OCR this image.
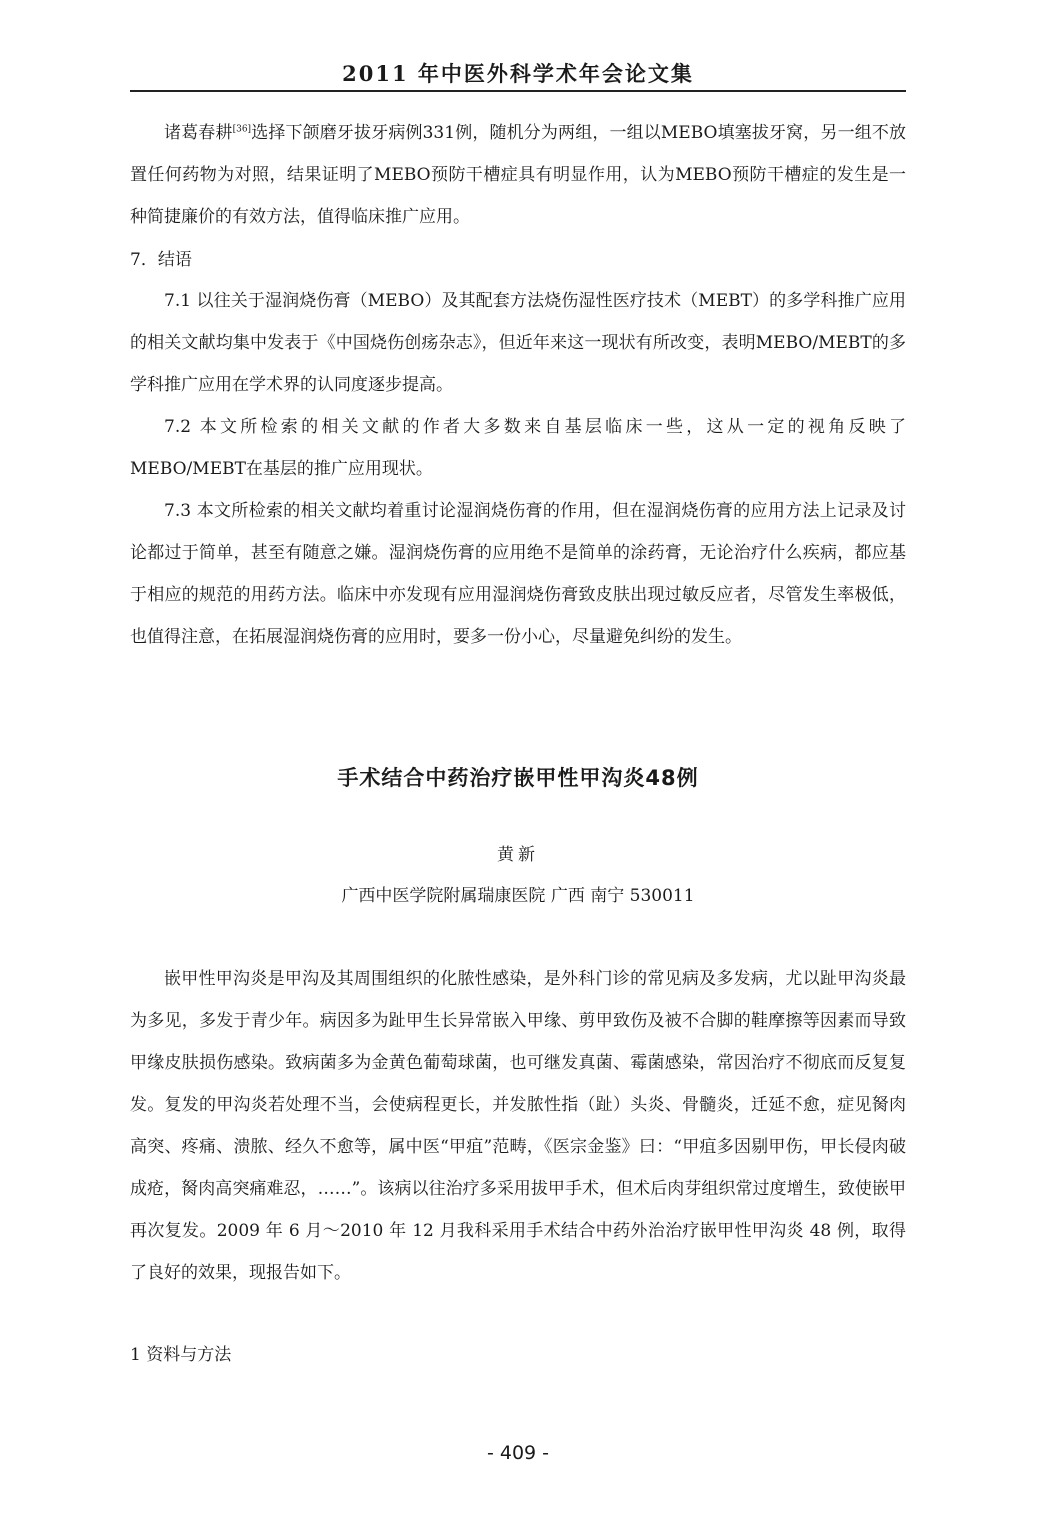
2011 年中医外科学术年会论文集
诸葛春耕[36]选择下颌磨牙拔牙病例331例，随机分为两组，一组以MEBO填塞拔牙窝，另一组不放置任何药物为对照，结果证明了MEBO预防干槽症具有明显作用，认为MEBO预防干槽症的发生是一种简捷廉价的有效方法，值得临床推广应用。
7．结语
7.1 以往关于湿润烧伤膏（MEBO）及其配套方法烧伤湿性医疗技术（MEBT）的多学科推广应用的相关文献均集中发表于《中国烧伤创疡杂志》，但近年来这一现状有所改变，表明MEBO/MEBT的多学科推广应用在学术界的认同度逐步提高。
7.2 本文所检索的相关文献的作者大多数来自基层临床一些，这从一定的视角反映了MEBO/MEBT在基层的推广应用现状。
7.3 本文所检索的相关文献均着重讨论湿润烧伤膏的作用，但在湿润烧伤膏的应用方法上记录及讨论都过于简单，甚至有随意之嫌。湿润烧伤膏的应用绝不是简单的涂药膏，无论治疗什么疾病，都应基于相应的规范的用药方法。临床中亦发现有应用湿润烧伤膏致皮肤出现过敏反应者，尽管发生率极低，也值得注意，在拓展湿润烧伤膏的应用时，要多一份小心，尽量避免纠纷的发生。
手术结合中药治疗嵌甲性甲沟炎48例
黄新
广西中医学院附属瑞康医院 广西 南宁 530011
嵌甲性甲沟炎是甲沟及其周围组织的化脓性感染，是外科门诊的常见病及多发病，尤以趾甲沟炎最为多见，多发于青少年。病因多为趾甲生长异常嵌入甲缘、剪甲致伤及被不合脚的鞋摩擦等因素而导致甲缘皮肤损伤感染。致病菌多为金黄色葡萄球菌，也可继发真菌、霉菌感染，常因治疗不彻底而反复复发。复发的甲沟炎若处理不当，会使病程更长，并发脓性指（趾）头炎、骨髓炎，迁延不愈，症见胬肉高突、疼痛、溃脓、经久不愈等，属中医“甲疽”范畴，《医宗金鉴》曰：“甲疽多因剔甲伤，甲长侵肉破成疮，胬肉高突痛难忍，……”。该病以往治疗多采用拔甲手术，但术后肉芽组织常过度增生，致使嵌甲再次复发。2009 年 6 月～2010 年 12 月我科采用手术结合中药外治治疗嵌甲性甲沟炎 48 例，取得了良好的效果，现报告如下。
1 资料与方法
- 409 -
